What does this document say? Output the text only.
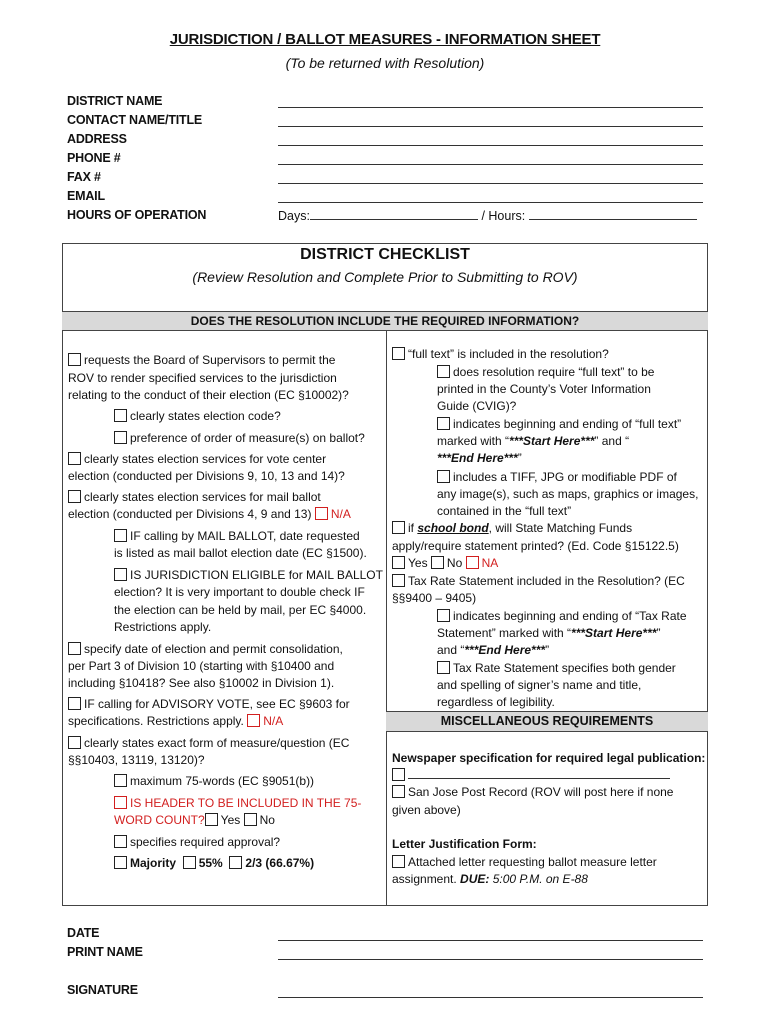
JURISDICTION / BALLOT MEASURES - INFORMATION SHEET
(To be returned with Resolution)
DISTRICT NAME
CONTACT NAME/TITLE
ADDRESS
PHONE #
FAX #
EMAIL
HOURS OF OPERATION	Days:	/ Hours:
DISTRICT CHECKLIST
(Review Resolution and Complete Prior to Submitting to ROV)
DOES THE RESOLUTION INCLUDE THE REQUIRED INFORMATION?
requests the Board of Supervisors to permit the
ROV to render specified services to the jurisdiction
relating to the conduct of their election (EC §10002)?
clearly states election code?
preference of order of measure(s) on ballot?
clearly states election services for vote center
election (conducted per Divisions 9, 10, 13 and 14)?
clearly states election services for mail ballot
election (conducted per Divisions 4, 9 and 13) N/A
IF calling by MAIL BALLOT, date requested
is listed as mail ballot election date (EC §1500).
IS JURISDICTION ELIGIBLE for MAIL BALLOT
election? It is very important to double check IF
the election can be held by mail, per EC §4000.
Restrictions apply.
specify date of election and permit consolidation,
per Part 3 of Division 10 (starting with §10400 and
including §10418? See also §10002 in Division 1).
IF calling for ADVISORY VOTE, see EC §9603 for
specifications. Restrictions apply. N/A
clearly states exact form of measure/question (EC
§§10403, 13119, 13120)?
maximum 75-words (EC §9051(b))
IS HEADER TO BE INCLUDED IN THE 75-
WORD COUNT? Yes No
specifies required approval?
Majority 55% 2/3 (66.67%)
“full text” is included in the resolution?
does resolution require “full text” to be
printed in the County’s Voter Information
Guide (CVIG)?
indicates beginning and ending of “full text”
marked with “***Start Here***” and “
***End Here***”
includes a TIFF, JPG or modifiable PDF of
any image(s), such as maps, graphics or images,
contained in the “full text”
if school bond, will State Matching Funds
apply/require statement printed? (Ed. Code §15122.5)
Yes No NA
Tax Rate Statement included in the Resolution? (EC
§§9400 – 9405)
indicates beginning and ending of “Tax Rate
Statement” marked with “***Start Here***”
and “***End Here***”
Tax Rate Statement specifies both gender
and spelling of signer’s name and title,
regardless of legibility.
MISCELLANEOUS REQUIREMENTS
Newspaper specification for required legal publication:
San Jose Post Record (ROV will post here if none
given above)
Letter Justification Form:
Attached letter requesting ballot measure letter
assignment. DUE: 5:00 P.M. on E-88
DATE
PRINT NAME
SIGNATURE
